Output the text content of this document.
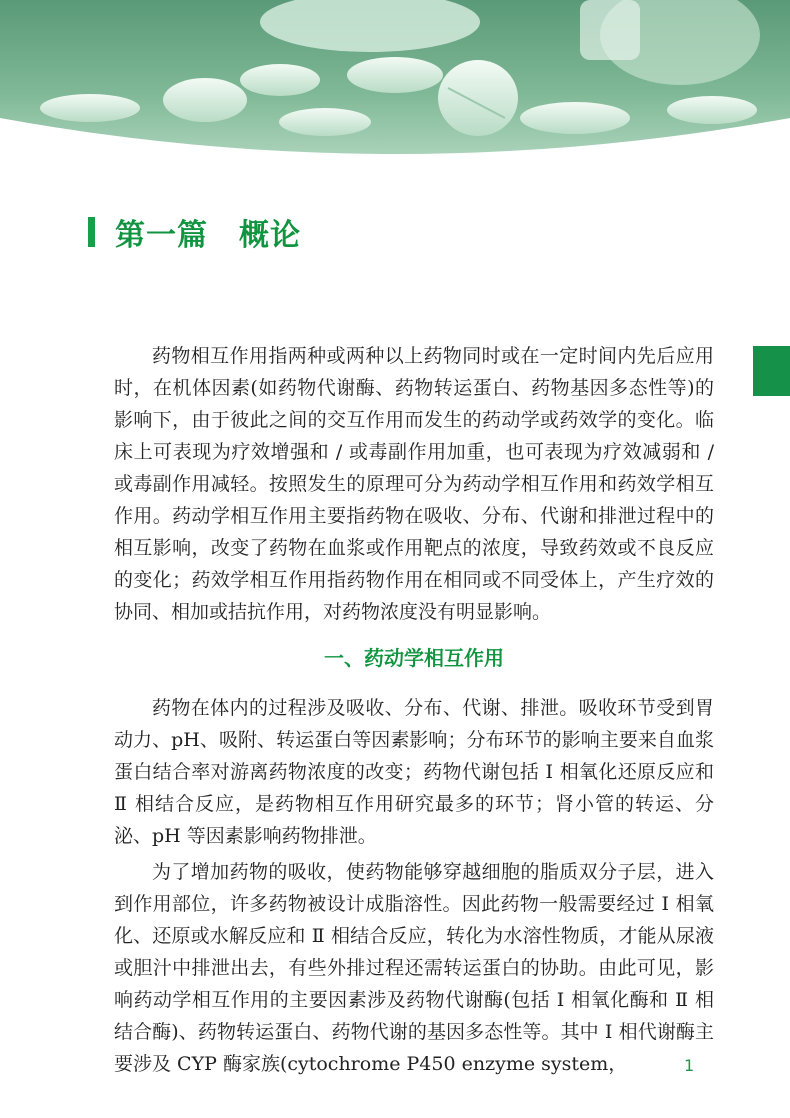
第一篇　概论

药物相互作用指两种或两种以上药物同时或在一定时间内先后应用时，在机体因素(如药物代谢酶、药物转运蛋白、药物基因多态性等)的影响下，由于彼此之间的交互作用而发生的药动学或药效学的变化。临床上可表现为疗效增强和 / 或毒副作用加重，也可表现为疗效减弱和 / 或毒副作用减轻。按照发生的原理可分为药动学相互作用和药效学相互作用。药动学相互作用主要指药物在吸收、分布、代谢和排泄过程中的相互影响，改变了药物在血浆或作用靶点的浓度，导致药效或不良反应的变化；药效学相互作用指药物作用在相同或不同受体上，产生疗效的协同、相加或拮抗作用，对药物浓度没有明显影响。

一、药动学相互作用

药物在体内的过程涉及吸收、分布、代谢、排泄。吸收环节受到胃动力、pH、吸附、转运蛋白等因素影响；分布环节的影响主要来自血浆蛋白结合率对游离药物浓度的改变；药物代谢包括 Ⅰ 相氧化还原反应和 Ⅱ 相结合反应，是药物相互作用研究最多的环节；肾小管的转运、分泌、pH 等因素影响药物排泄。

为了增加药物的吸收，使药物能够穿越细胞的脂质双分子层，进入到作用部位，许多药物被设计成脂溶性。因此药物一般需要经过 Ⅰ 相氧化、还原或水解反应和 Ⅱ 相结合反应，转化为水溶性物质，才能从尿液或胆汁中排泄出去，有些外排过程还需转运蛋白的协助。由此可见，影响药动学相互作用的主要因素涉及药物代谢酶(包括 Ⅰ 相氧化酶和 Ⅱ 相结合酶)、药物转运蛋白、药物代谢的基因多态性等。其中 Ⅰ 相代谢酶主要涉及 CYP 酶家族(cytochrome P450 enzyme system，	1
